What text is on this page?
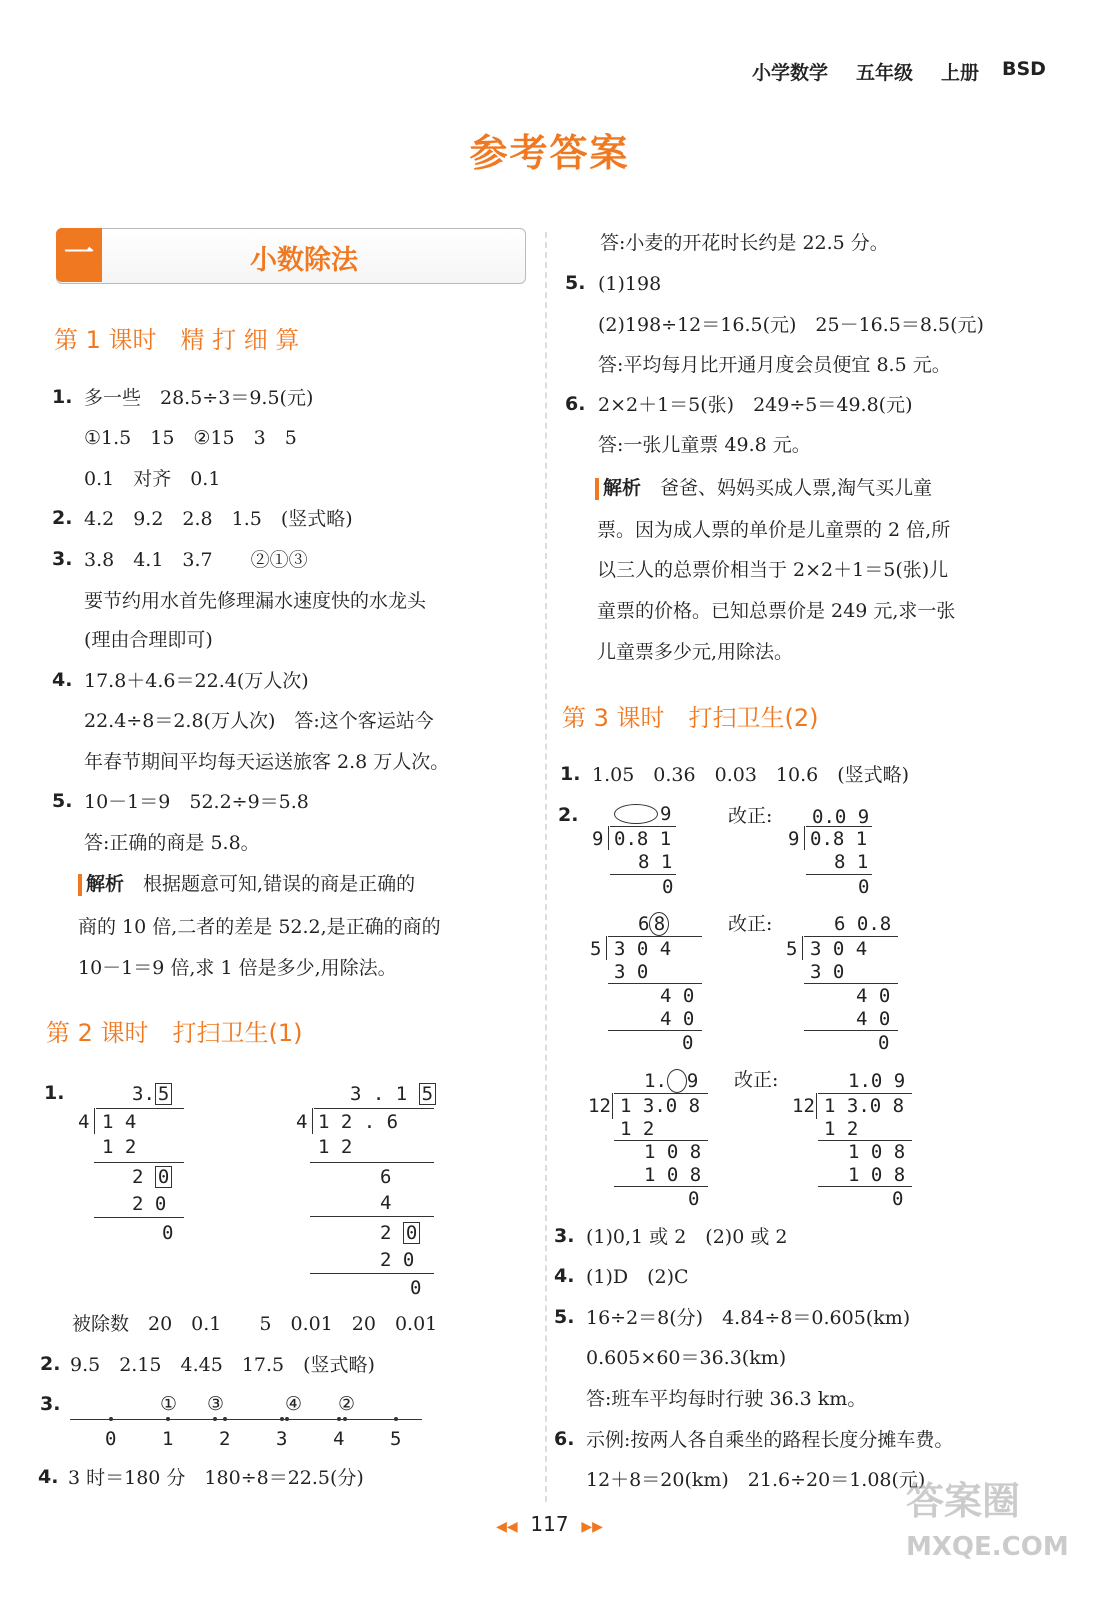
小学数学 五年级 上册 BSD
参考答案
一	小数除法
第 1 课时　精 打 细 算
1. 多一些　28.5÷3＝9.5(元)
①1.5　15　②15　3　5
0.1　对齐　0.1
2. 4.2　9.2　2.8　1.5　(竖式略)
3. 3.8　4.1　3.7　　②①③
要节约用水首先修理漏水速度快的水龙头
(理由合理即可)
4. 17.8＋4.6＝22.4(万人次)
22.4÷8＝2.8(万人次)　答:这个客运站今
年春节期间平均每天运送旅客 2.8 万人次。
5. 10－1＝9　52.2÷9＝5.8
答:正确的商是 5.8。
解析　 根据题意可知,错误的商是正确的
商的 10 倍,二者的差是 52.2,是正确的商的
10－1＝9 倍,求 1 倍是多少,用除法。
第 2 课时　打扫卫生(1)
1.	3. 5
4 1 4
1 2
2 0
2 0
0
3 . 1 5
4 1 2 . 6
1 2
6
4
2 0
2 0
0
被除数　20　0.1　　5　0.01　20　0.01
2. 9.5　2.15　4.45　17.5　(竖式略)
3.
0 1 2 3 4 5
① ③	④ ②
4. 3 时＝180 分　180÷8＝22.5(分)
答:小麦的开花时长约是 22.5 分。
5. (1)198
(2)198÷12＝16.5(元)　25－16.5＝8.5(元)
答:平均每月比开通月度会员便宜 8.5 元。
6. 2×2＋1＝5(张)　249÷5＝49.8(元)
答:一张儿童票 49.8 元。
解析　 爸爸、妈妈买成人票,淘气买儿童
票。因为成人票的单价是儿童票的 2 倍,所
以三人的总票价相当于 2×2＋1＝5(张)儿
童票的价格。已知总票价是 249 元,求一张
儿童票多少元,用除法。
第 3 课时　打扫卫生(2)
1. 1.05　0.36　0.03　10.6　(竖式略)
2.	9
9 0.8 1
8 1
0
改正: 0.0 9
9 0.8 1
8 1
0
6 8
5 3 0 4
3 0
4 0
4 0
0
改正:	6 0.8
5 3 0 4
3 0
4 0
4 0
0
1. 9
12 1 3.0 8
1 2
1 0 8
1 0 8
0
改正:	1.0 9
12 1 3.0 8
1 2
1 0 8
1 0 8
0
3. (1)0,1 或 2　(2)0 或 2
4. (1)D　(2)C
5. 16÷2＝8(分)　4.84÷8＝0.605(km)
0.605×60＝36.3(km)
答:班车平均每时行驶 36.3 km。
6. 示例:按两人各自乘坐的路程长度分摊车费。
12＋8＝20(km)　21.6÷20＝1.08(元)
◀◀ 117 ▶▶
答案圈
MXQE.COM
